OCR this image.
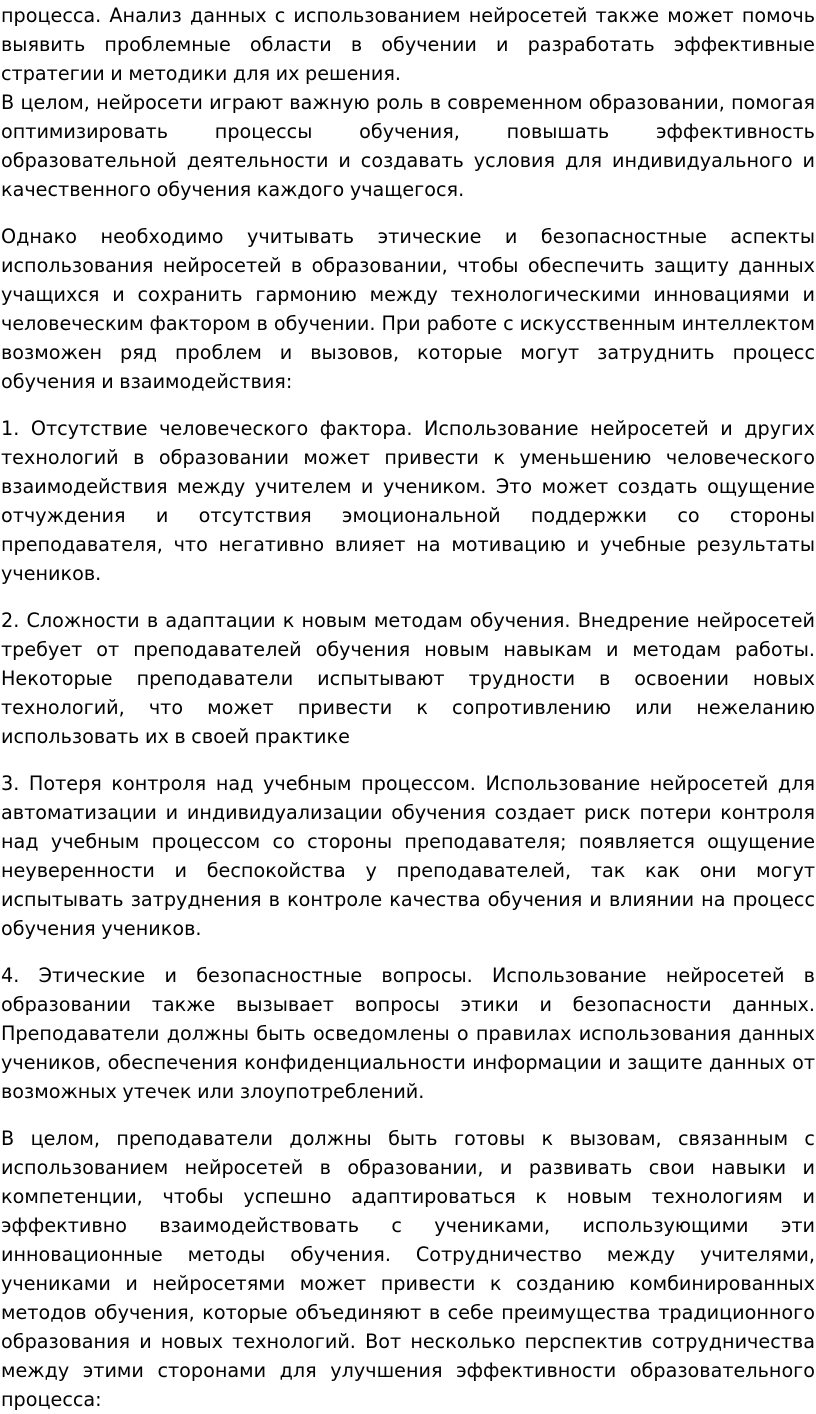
процесса. Анализ данных с использованием нейросетей также может помочь выявить проблемные области в обучении и разработать эффективные стратегии и методики для их решения.

В целом, нейросети играют важную роль в современном образовании, помогая оптимизировать процессы обучения, повышать эффективность образовательной деятельности и создавать условия для индивидуального и качественного обучения каждого учащегося.

Однако необходимо учитывать этические и безопасностные аспекты использования нейросетей в образовании, чтобы обеспечить защиту данных учащихся и сохранить гармонию между технологическими инновациями и человеческим фактором в обучении. При работе с искусственным интеллектом возможен ряд проблем и вызовов, которые могут затруднить процесс обучения и взаимодействия:

1. Отсутствие человеческого фактора. Использование нейросетей и других технологий в образовании может привести к уменьшению человеческого взаимодействия между учителем и учеником. Это может создать ощущение отчуждения и отсутствия эмоциональной поддержки со стороны преподавателя, что негативно влияет на мотивацию и учебные результаты учеников.

2. Сложности в адаптации к новым методам обучения. Внедрение нейросетей требует от преподавателей обучения новым навыкам и методам работы. Некоторые преподаватели испытывают трудности в освоении новых технологий, что может привести к сопротивлению или нежеланию использовать их в своей практике

3. Потеря контроля над учебным процессом. Использование нейросетей для автоматизации и индивидуализации обучения создает риск потери контроля над учебным процессом со стороны преподавателя; появляется ощущение неуверенности и беспокойства у преподавателей, так как они могут испытывать затруднения в контроле качества обучения и влиянии на процесс обучения учеников.

4. Этические и безопасностные вопросы. Использование нейросетей в образовании также вызывает вопросы этики и безопасности данных. Преподаватели должны быть осведомлены о правилах использования данных учеников, обеспечения конфиденциальности информации и защите данных от возможных утечек или злоупотреблений.

В целом, преподаватели должны быть готовы к вызовам, связанным с использованием нейросетей в образовании, и развивать свои навыки и компетенции, чтобы успешно адаптироваться к новым технологиям и эффективно взаимодействовать с учениками, использующими эти инновационные методы обучения. Сотрудничество между учителями, учениками и нейросетями может привести к созданию комбинированных методов обучения, которые объединяют в себе преимущества традиционного образования и новых технологий. Вот несколько перспектив сотрудничества между этими сторонами для улучшения эффективности образовательного процесса:
